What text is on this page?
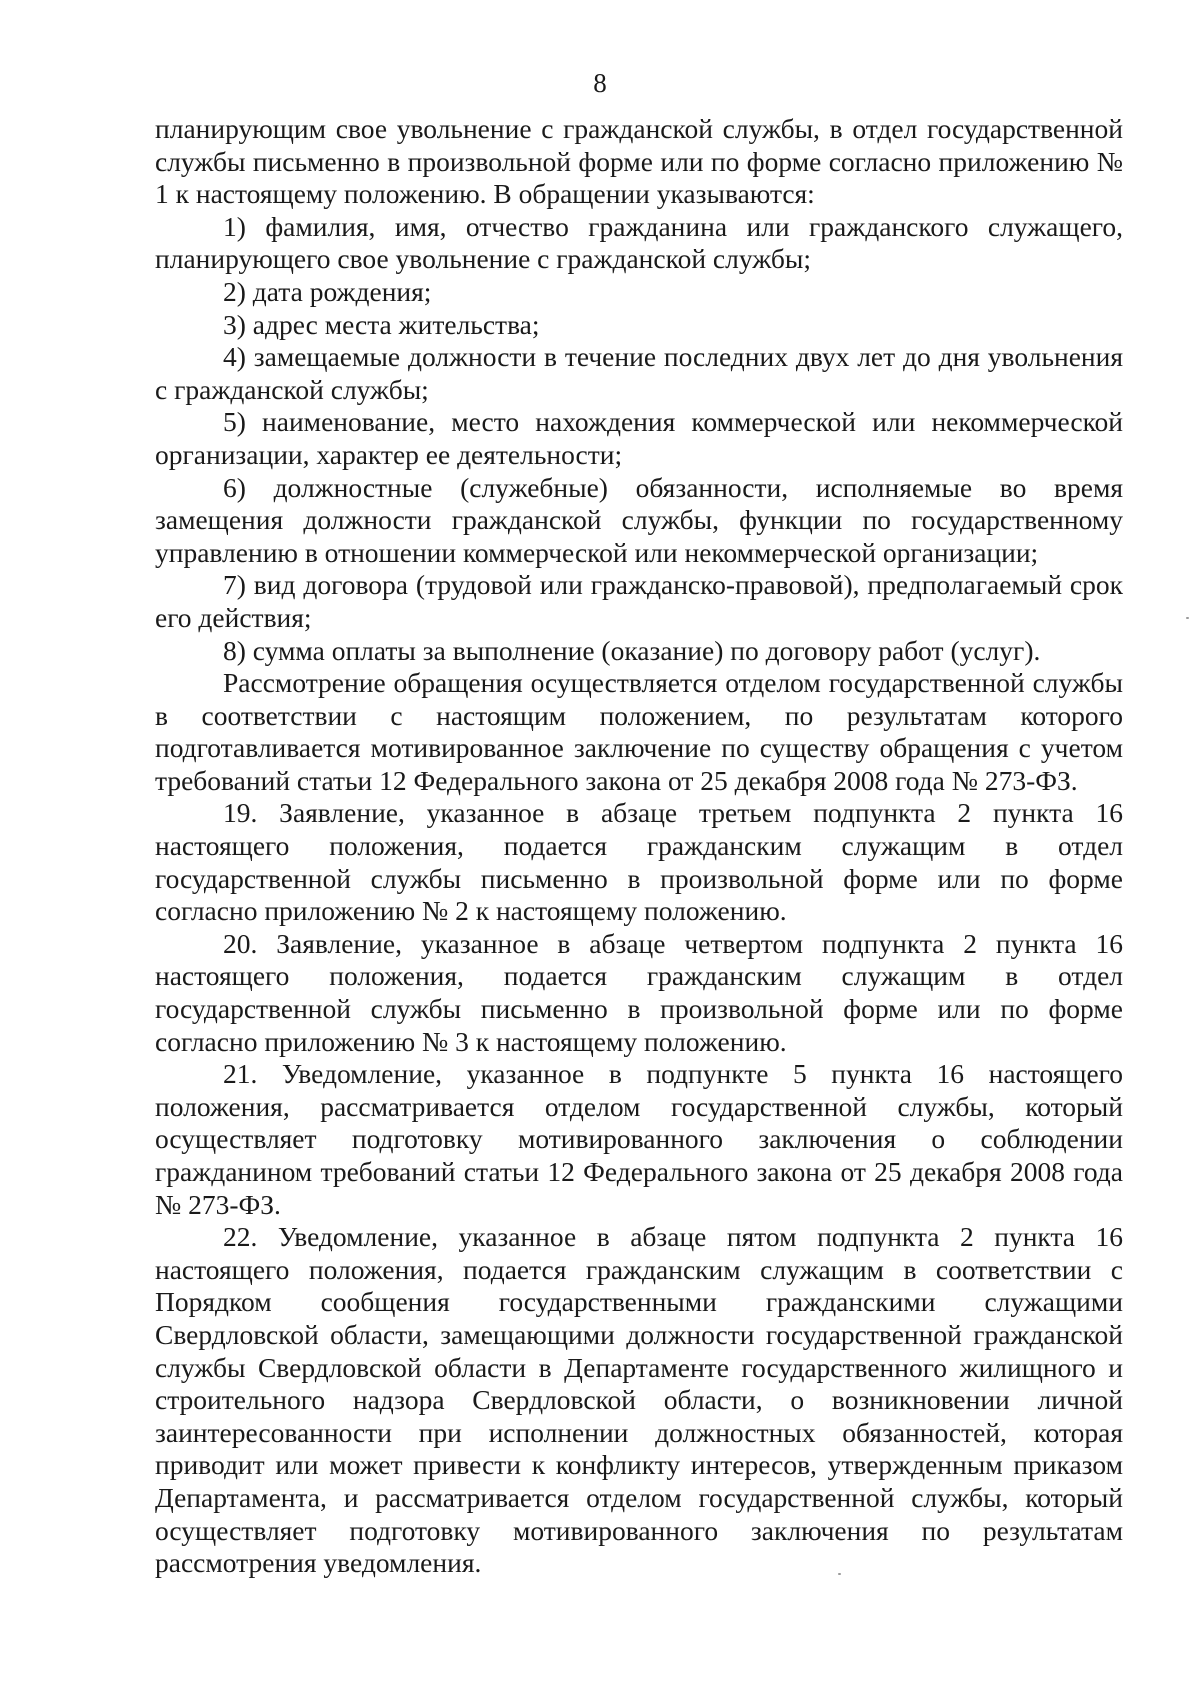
8

планирующим свое увольнение с гражданской службы, в отдел государственной службы письменно в произвольной форме или по форме согласно приложению № 1 к настоящему положению. В обращении указываются:

1) фамилия, имя, отчество гражданина или гражданского служащего, планирующего свое увольнение с гражданской службы;

2) дата рождения;

3) адрес места жительства;

4) замещаемые должности в течение последних двух лет до дня увольнения с гражданской службы;

5) наименование, место нахождения коммерческой или некоммерческой организации, характер ее деятельности;

6) должностные (служебные) обязанности, исполняемые во время замещения должности гражданской службы, функции по государственному управлению в отношении коммерческой или некоммерческой организации;

7) вид договора (трудовой или гражданско-правовой), предполагаемый срок его действия;

8) сумма оплаты за выполнение (оказание) по договору работ (услуг).

Рассмотрение обращения осуществляется отделом государственной службы в соответствии с настоящим положением, по результатам которого подготавливается мотивированное заключение по существу обращения с учетом требований статьи 12 Федерального закона от 25 декабря 2008 года № 273-ФЗ.

19. Заявление, указанное в абзаце третьем подпункта 2 пункта 16 настоящего положения, подается гражданским служащим в отдел государственной службы письменно в произвольной форме или по форме согласно приложению № 2 к настоящему положению.

20. Заявление, указанное в абзаце четвертом подпункта 2 пункта 16 настоящего положения, подается гражданским служащим в отдел государственной службы письменно в произвольной форме или по форме согласно приложению № 3 к настоящему положению.

21. Уведомление, указанное в подпункте 5 пункта 16 настоящего положения, рассматривается отделом государственной службы, который осуществляет подготовку мотивированного заключения о соблюдении гражданином требований статьи 12 Федерального закона от 25 декабря 2008 года № 273-ФЗ.

22. Уведомление, указанное в абзаце пятом подпункта 2 пункта 16 настоящего положения, подается гражданским служащим в соответствии с Порядком сообщения государственными гражданскими служащими Свердловской области, замещающими должности государственной гражданской службы Свердловской области в Департаменте государственного жилищного и строительного надзора Свердловской области, о возникновении личной заинтересованности при исполнении должностных обязанностей, которая приводит или может привести к конфликту интересов, утвержденным приказом Департамента, и рассматривается отделом государственной службы, который осуществляет подготовку мотивированного заключения по результатам рассмотрения уведомления.
